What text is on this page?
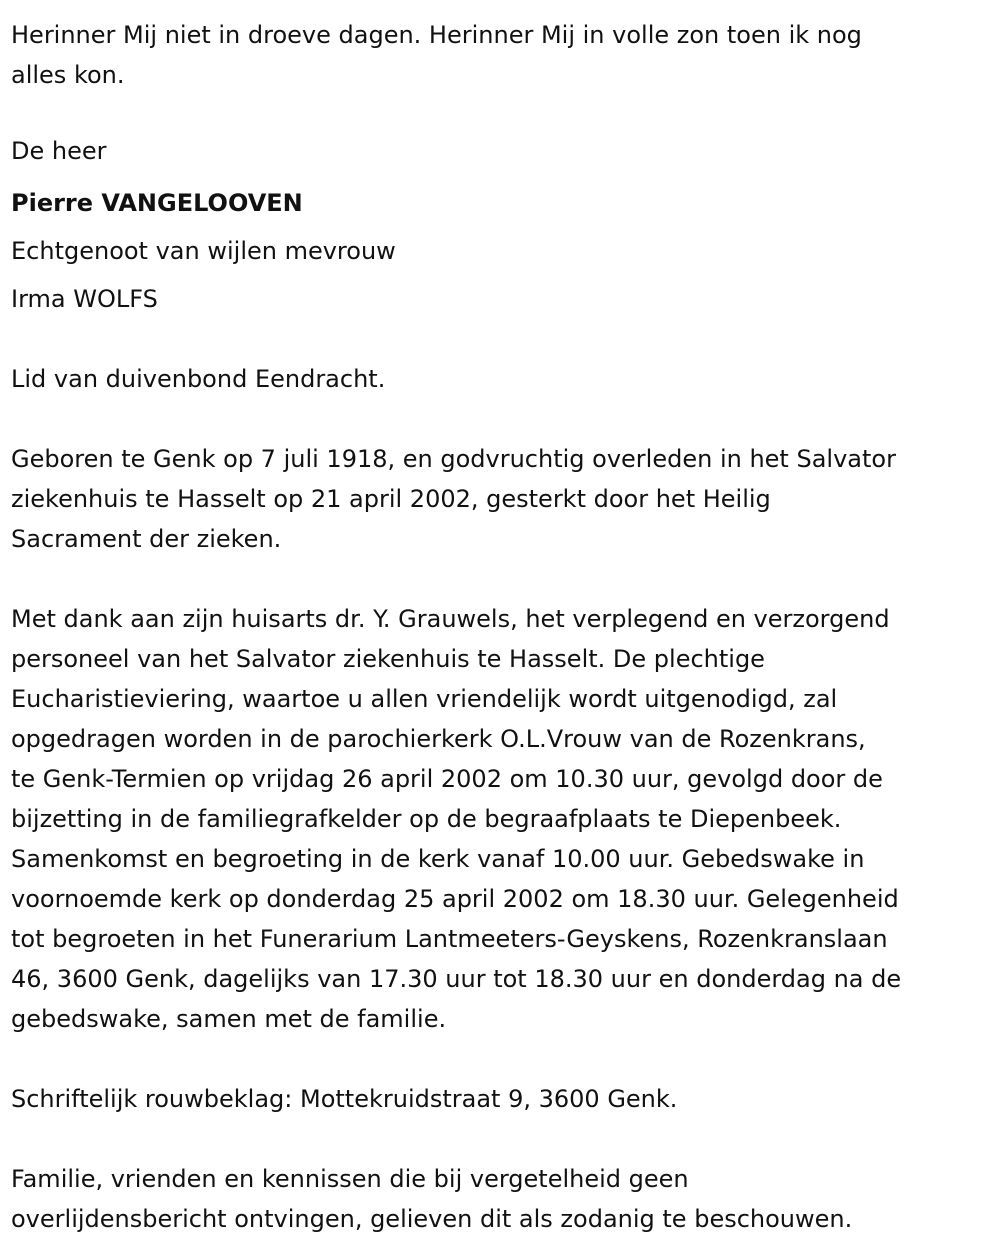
Herinner Mij niet in droeve dagen. Herinner Mij in volle zon toen ik nog
alles kon.
De heer
Pierre VANGELOOVEN
Echtgenoot van wijlen mevrouw
Irma WOLFS
Lid van duivenbond Eendracht.
Geboren te Genk op 7 juli 1918, en godvruchtig overleden in het Salvator
ziekenhuis te Hasselt op 21 april 2002, gesterkt door het Heilig
Sacrament der zieken.
Met dank aan zijn huisarts dr. Y. Grauwels, het verplegend en verzorgend
personeel van het Salvator ziekenhuis te Hasselt. De plechtige
Eucharistieviering, waartoe u allen vriendelijk wordt uitgenodigd, zal
opgedragen worden in de parochierkerk O.L.Vrouw van de Rozenkrans,
te Genk-Termien op vrijdag 26 april 2002 om 10.30 uur, gevolgd door de
bijzetting in de familiegrafkelder op de begraafplaats te Diepenbeek.
Samenkomst en begroeting in de kerk vanaf 10.00 uur. Gebedswake in
voornoemde kerk op donderdag 25 april 2002 om 18.30 uur. Gelegenheid
tot begroeten in het Funerarium Lantmeeters-Geyskens, Rozenkranslaan
46, 3600 Genk, dagelijks van 17.30 uur tot 18.30 uur en donderdag na de
gebedswake, samen met de familie.
Schriftelijk rouwbeklag: Mottekruidstraat 9, 3600 Genk.
Familie, vrienden en kennissen die bij vergetelheid geen
overlijdensbericht ontvingen, gelieven dit als zodanig te beschouwen.
